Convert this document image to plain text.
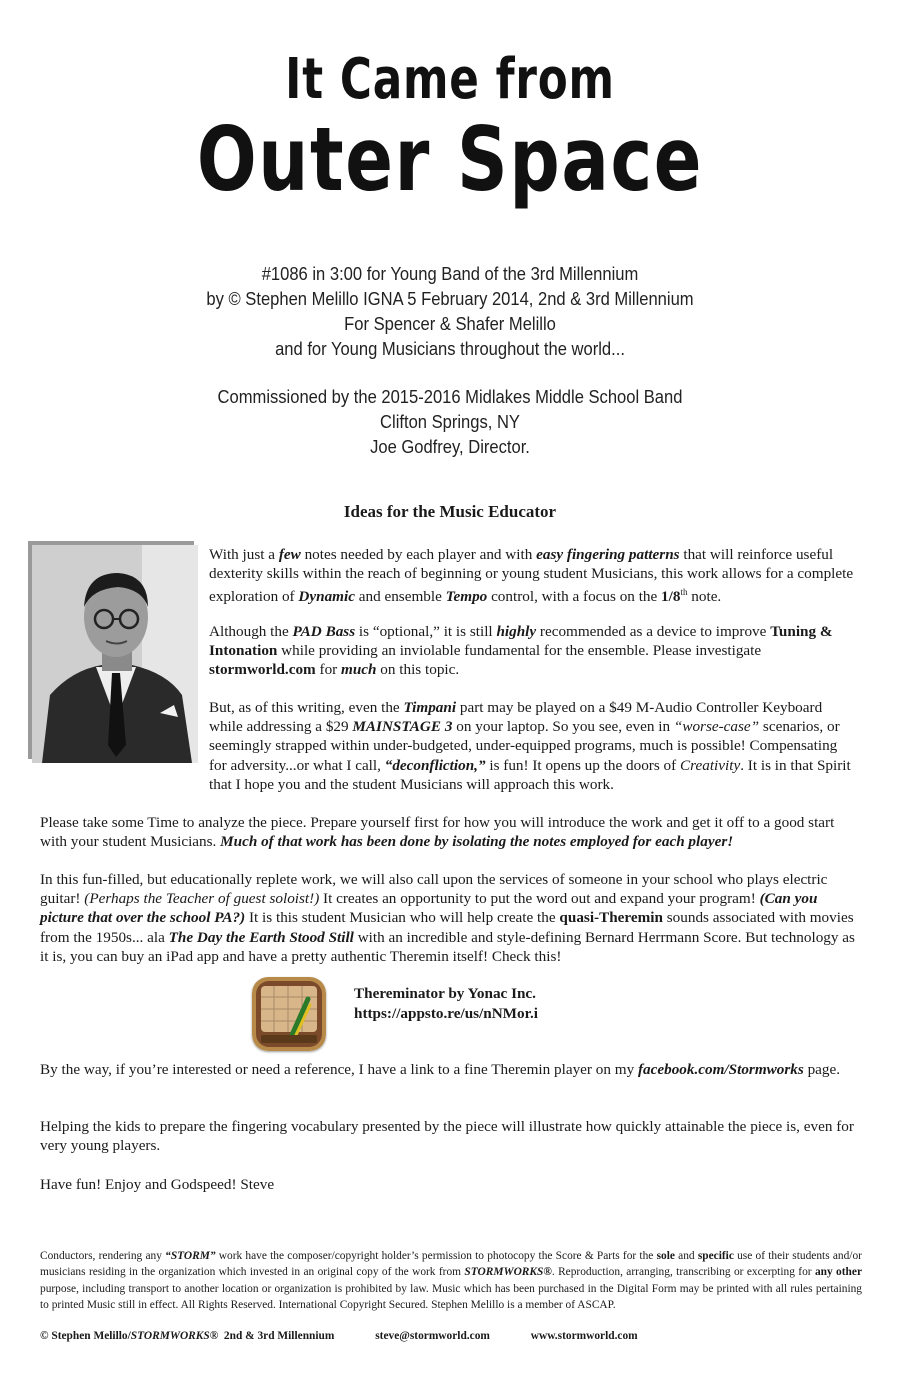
It Came from
Outer Space
#1086 in 3:00 for Young Band of the 3rd Millennium
by © Stephen Melillo IGNA 5 February 2014, 2nd & 3rd Millennium
For Spencer & Shafer Melillo
and for Young Musicians throughout the world...
Commissioned by the 2015-2016 Midlakes Middle School Band
Clifton Springs, NY
Joe Godfrey, Director.
Ideas for the Music Educator

With just a few notes needed by each player and with easy fingering patterns that will reinforce useful dexterity skills within the reach of beginning or young student Musicians, this work allows for a complete exploration of Dynamic and ensemble Tempo control, with a focus on the 1/8th note.

Although the PAD Bass is “optional,” it is still highly recommended as a device to improve Tuning & Intonation while providing an inviolable fundamental for the ensemble. Please investigate stormworld.com for much on this topic.

But, as of this writing, even the Timpani part may be played on a $49 M-Audio Controller Keyboard while addressing a $29 MAINSTAGE 3 on your laptop. So you see, even in “worse-case” scenarios, or seemingly strapped within under-budgeted, under-equipped programs, much is possible! Compensating for adversity...or what I call, “deconfliction,” is fun! It opens up the doors of Creativity. It is in that Spirit that I hope you and the student Musicians will approach this work.

Please take some Time to analyze the piece. Prepare yourself first for how you will introduce the work and get it off to a good start with your student Musicians. Much of that work has been done by isolating the notes employed for each player!

In this fun-filled, but educationally replete work, we will also call upon the services of someone in your school who plays electric guitar! (Perhaps the Teacher of guest soloist!) It creates an opportunity to put the word out and expand your program! (Can you picture that over the school PA?) It is this student Musician who will help create the quasi-Theremin sounds associated with movies from the 1950s... ala The Day the Earth Stood Still with an incredible and style-defining Bernard Herrmann Score. But technology as it is, you can buy an iPad app and have a pretty authentic Theremin itself! Check this!

Thereminator by Yonac Inc.
https://appsto.re/us/nNMor.i

By the way, if you’re interested or need a reference, I have a link to a fine Theremin player on my facebook.com/Stormworks page.

Helping the kids to prepare the fingering vocabulary presented by the piece will illustrate how quickly attainable the piece is, even for very young players.

Have fun! Enjoy and Godspeed! Steve

Conductors, rendering any “STORM” work have the composer/copyright holder’s permission to photocopy the Score & Parts for the sole and specific use of their students and/or musicians residing in the organization which invested in an original copy of the work from STORMWORKS®. Reproduction, arranging, transcribing or excerpting for any other purpose, including transport to another location or organization is prohibited by law. Music which has been purchased in the Digital Form may be printed with all rules pertaining to printed Music still in effect. All Rights Reserved. International Copyright Secured. Stephen Melillo is a member of ASCAP.

© Stephen Melillo/STORMWORKS®  2nd & 3rd Millennium	steve@stormworld.com	www.stormworld.com
